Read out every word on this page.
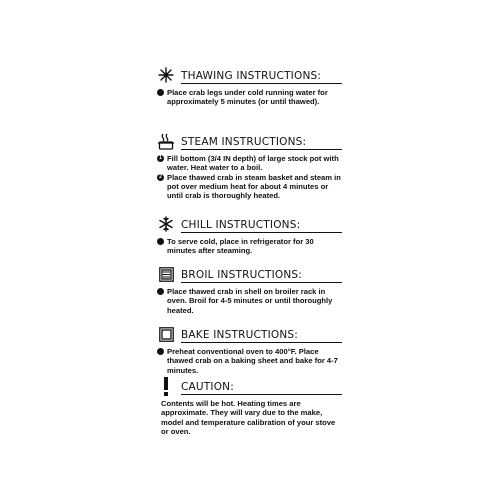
THAWING INSTRUCTIONS:
Place crab legs under cold running water for approximately 5 minutes (or until thawed).
STEAM INSTRUCTIONS:
1 Fill bottom (3/4 IN depth) of large stock pot with water. Heat water to a boil.
2 Place thawed crab in steam basket and steam in pot over medium heat for about 4 minutes or until crab is thoroughly heated.
CHILL INSTRUCTIONS:
To serve cold, place in refrigerator for 30 minutes after steaming.
BROIL INSTRUCTIONS:
Place thawed crab in shell on broiler rack in oven. Broil for 4-5 minutes or until thoroughly heated.
BAKE INSTRUCTIONS:
Preheat conventional oven to 400°F. Place thawed crab on a baking sheet and bake for 4-7 minutes.
CAUTION:
Contents will be hot. Heating times are approximate. They will vary due to the make, model and temperature calibration of your stove or oven.
